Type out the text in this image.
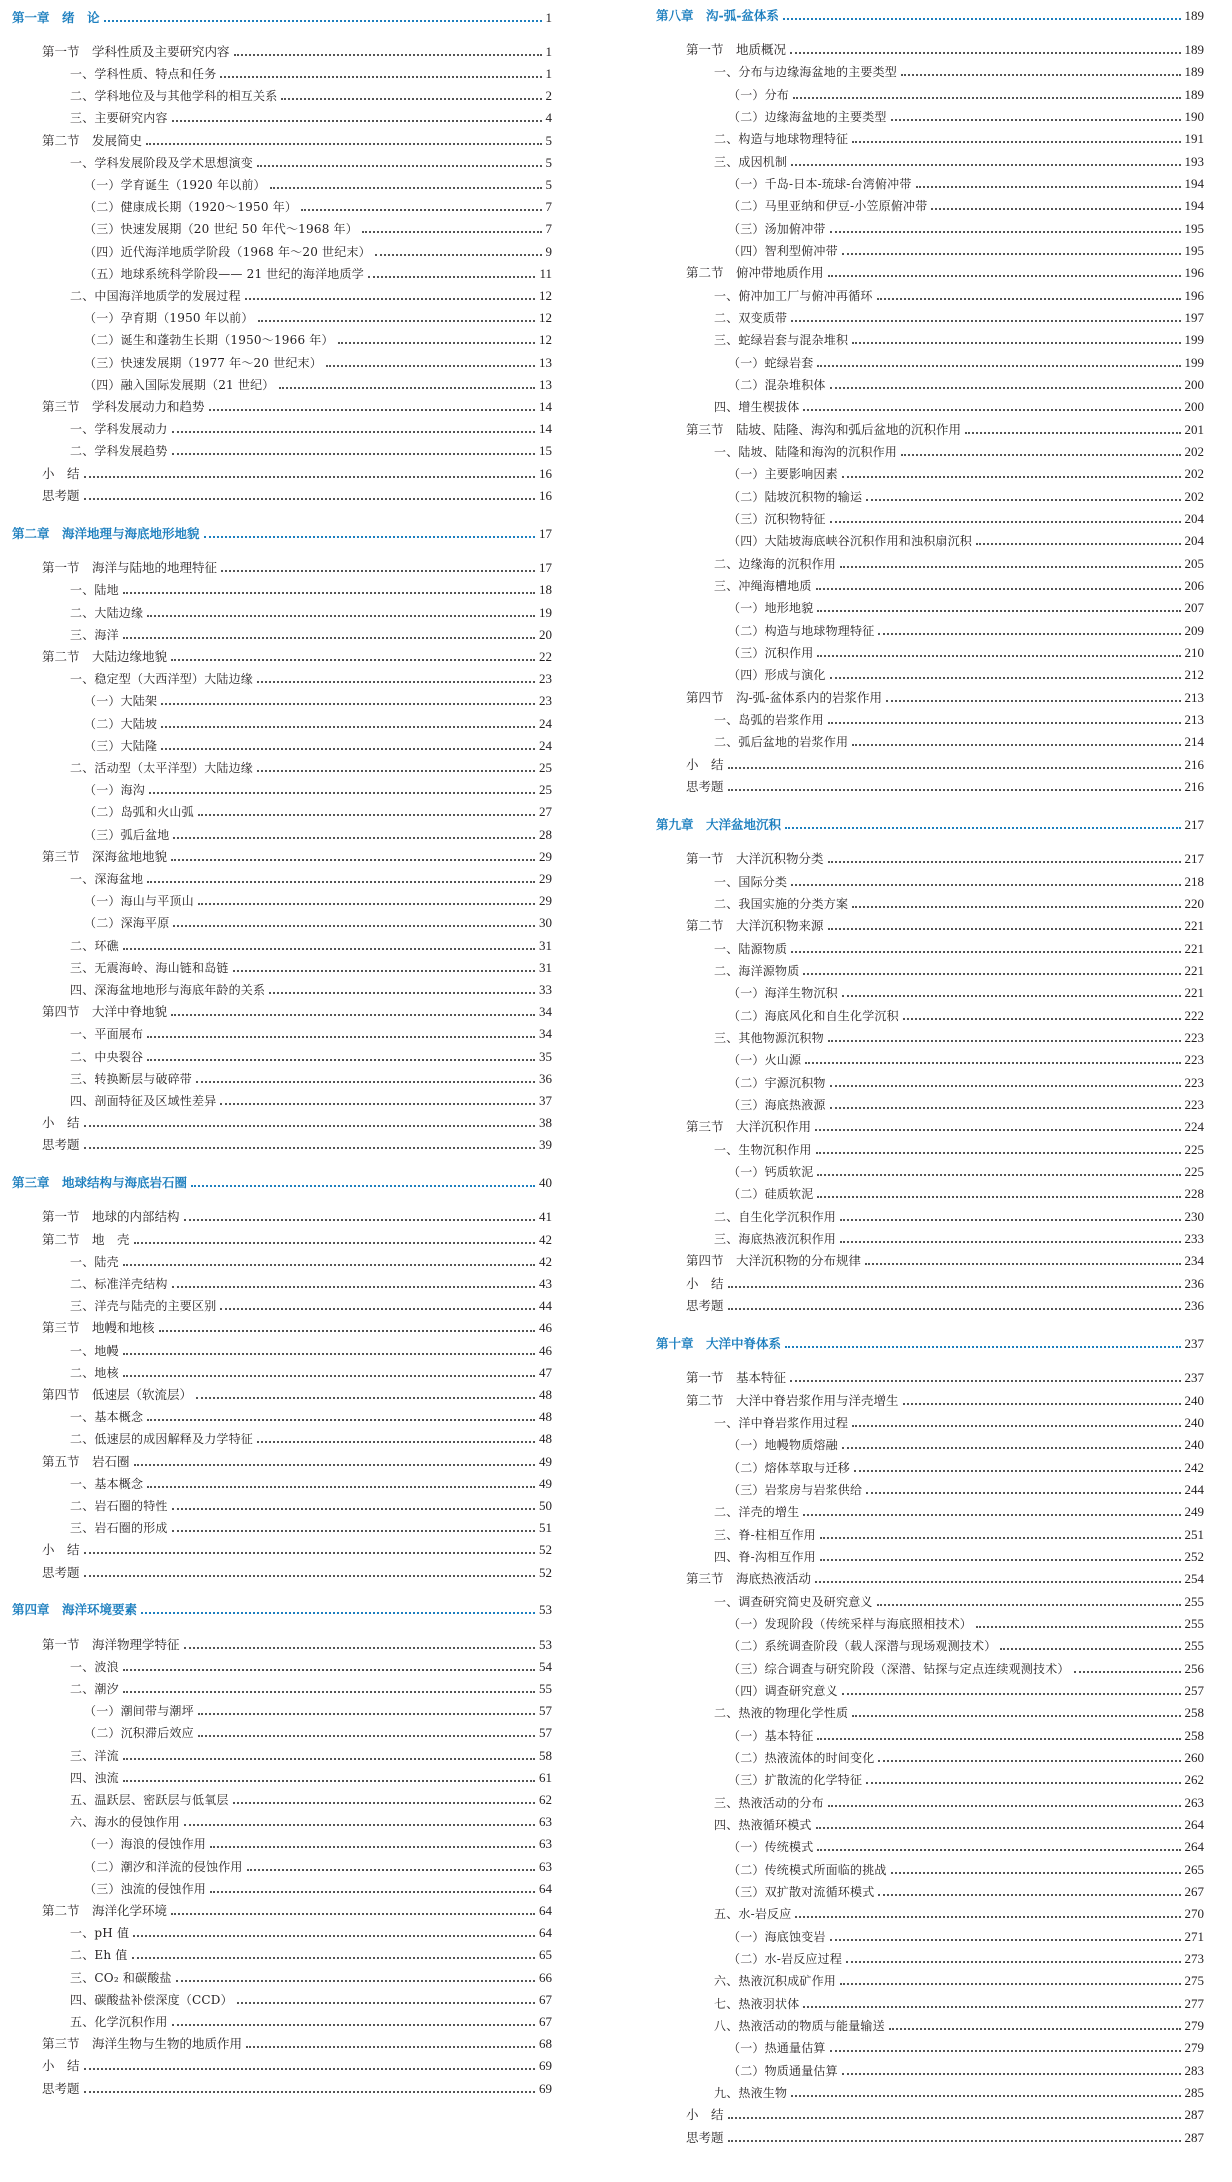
第一章　绪　论	1
第一节　学科性质及主要研究内容	1
一、学科性质、特点和任务	1
二、学科地位及与其他学科的相互关系	2
三、主要研究内容	4
第二节　发展简史	5
一、学科发展阶段及学术思想演变	5
（一）学育诞生（1920 年以前）	5
（二）健康成长期（1920～1950 年）	7
（三）快速发展期（20 世纪 50 年代～1968 年）	7
（四）近代海洋地质学阶段（1968 年～20 世纪末）	9
（五）地球系统科学阶段—— 21 世纪的海洋地质学	11
二、中国海洋地质学的发展过程	12
（一）孕育期（1950 年以前）	12
（二）诞生和蓬勃生长期（1950～1966 年）	12
（三）快速发展期（1977 年～20 世纪末）	13
（四）融入国际发展期（21 世纪）	13
第三节　学科发展动力和趋势	14
一、学科发展动力	14
二、学科发展趋势	15
小　结	16
思考题	16
第二章　海洋地理与海底地形地貌	17
第一节　海洋与陆地的地理特征	17
一、陆地	18
二、大陆边缘	19
三、海洋	20
第二节　大陆边缘地貌	22
一、稳定型（大西洋型）大陆边缘	23
（一）大陆架	23
（二）大陆坡	24
（三）大陆隆	24
二、活动型（太平洋型）大陆边缘	25
（一）海沟	25
（二）岛弧和火山弧	27
（三）弧后盆地	28
第三节　深海盆地地貌	29
一、深海盆地	29
（一）海山与平顶山	29
（二）深海平原	30
二、环礁	31
三、无震海岭、海山链和岛链	31
四、深海盆地地形与海底年龄的关系	33
第四节　大洋中脊地貌	34
一、平面展布	34
二、中央裂谷	35
三、转换断层与破碎带	36
四、剖面特征及区域性差异	37
小　结	38
思考题	39
第三章　地球结构与海底岩石圈	40
第一节　地球的内部结构	41
第二节　地　壳	42
一、陆壳	42
二、标准洋壳结构	43
三、洋壳与陆壳的主要区别	44
第三节　地幔和地核	46
一、地幔	46
二、地核	47
第四节　低速层（软流层）	48
一、基本概念	48
二、低速层的成因解释及力学特征	48
第五节　岩石圈	49
一、基本概念	49
二、岩石圈的特性	50
三、岩石圈的形成	51
小　结	52
思考题	52
第四章　海洋环境要素	53
第一节　海洋物理学特征	53
一、波浪	54
二、潮汐	55
（一）潮间带与潮坪	57
（二）沉积滞后效应	57
三、洋流	58
四、浊流	61
五、温跃层、密跃层与低氧层	62
六、海水的侵蚀作用	63
（一）海浪的侵蚀作用	63
（二）潮汐和洋流的侵蚀作用	63
（三）浊流的侵蚀作用	64
第二节　海洋化学环境	64
一、pH 值	64
二、Eh 值	65
三、CO₂ 和碳酸盐	66
四、碳酸盐补偿深度（CCD）	67
五、化学沉积作用	67
第三节　海洋生物与生物的地质作用	68
小　结	69
思考题	69
第八章　沟-弧-盆体系	189
第一节　地质概况	189
一、分布与边缘海盆地的主要类型	189
（一）分布	189
（二）边缘海盆地的主要类型	190
二、构造与地球物理特征	191
三、成因机制	193
（一）千岛-日本-琉球-台湾俯冲带	194
（二）马里亚纳和伊豆-小笠原俯冲带	194
（三）汤加俯冲带	195
（四）智利型俯冲带	195
第二节　俯冲带地质作用	196
一、俯冲加工厂与俯冲再循环	196
二、双变质带	197
三、蛇绿岩套与混杂堆积	199
（一）蛇绿岩套	199
（二）混杂堆积体	200
四、增生楔拔体	200
第三节　陆坡、陆隆、海沟和弧后盆地的沉积作用	201
一、陆坡、陆隆和海沟的沉积作用	202
（一）主要影响因素	202
（二）陆坡沉积物的输运	202
（三）沉积物特征	204
（四）大陆坡海底峡谷沉积作用和浊积扇沉积	204
二、边缘海的沉积作用	205
三、冲绳海槽地质	206
（一）地形地貌	207
（二）构造与地球物理特征	209
（三）沉积作用	210
（四）形成与演化	212
第四节　沟-弧-盆体系内的岩浆作用	213
一、岛弧的岩浆作用	213
二、弧后盆地的岩浆作用	214
小　结	216
思考题	216
第九章　大洋盆地沉积	217
第一节　大洋沉积物分类	217
一、国际分类	218
二、我国实施的分类方案	220
第二节　大洋沉积物来源	221
一、陆源物质	221
二、海洋源物质	221
（一）海洋生物沉积	221
（二）海底风化和自生化学沉积	222
三、其他物源沉积物	223
（一）火山源	223
（二）宇源沉积物	223
（三）海底热液源	223
第三节　大洋沉积作用	224
一、生物沉积作用	225
（一）钙质软泥	225
（二）硅质软泥	228
二、自生化学沉积作用	230
三、海底热液沉积作用	233
第四节　大洋沉积物的分布规律	234
小　结	236
思考题	236
第十章　大洋中脊体系	237
第一节　基本特征	237
第二节　大洋中脊岩浆作用与洋壳增生	240
一、洋中脊岩浆作用过程	240
（一）地幔物质熔融	240
（二）熔体萃取与迁移	242
（三）岩浆房与岩浆供给	244
二、洋壳的增生	249
三、脊-柱相互作用	251
四、脊-沟相互作用	252
第三节　海底热液活动	254
一、调查研究简史及研究意义	255
（一）发现阶段（传统采样与海底照相技术）	255
（二）系统调查阶段（载人深潜与现场观测技术）	255
（三）综合调查与研究阶段（深潜、钻探与定点连续观测技术）	256
（四）调查研究意义	257
二、热液的物理化学性质	258
（一）基本特征	258
（二）热液流体的时间变化	260
（三）扩散流的化学特征	262
三、热液活动的分布	263
四、热液循环模式	264
（一）传统模式	264
（二）传统模式所面临的挑战	265
（三）双扩散对流循环模式	267
五、水-岩反应	270
（一）海底蚀变岩	271
（二）水-岩反应过程	273
六、热液沉积成矿作用	275
七、热液羽状体	277
八、热液活动的物质与能量输送	279
（一）热通量估算	279
（二）物质通量估算	283
九、热液生物	285
小　结	287
思考题	287
